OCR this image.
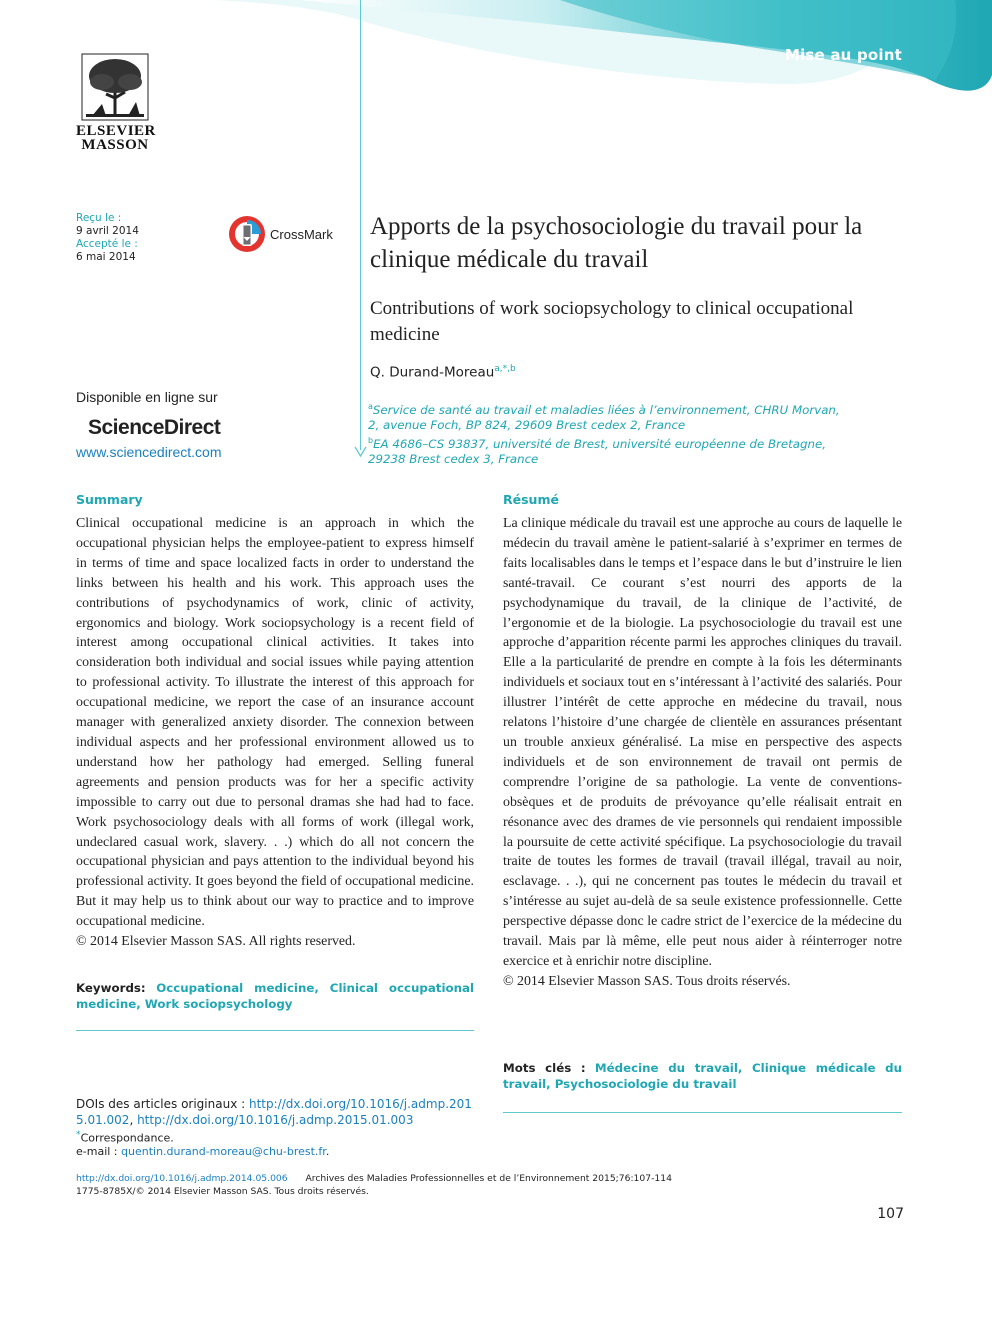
Mise au point
ELSEVIER
MASSON
Reçu le :
9 avril 2014
Accepté le :
6 mai 2014
CrossMark Apports de la psychosociologie du travail pour la clinique médicale du travail
Contributions of work sociopsychology to clinical occupational medicine
Q. Durand-Moreau$^{a,*,b}$
$^a$Service de santé au travail et maladies liées à l’environnement, CHRU Morvan, 2, avenue Foch, BP 824, 29609 Brest cedex 2, France
$^b$EA 4686–CS 93837, université de Brest, université européenne de Bretagne, 29238 Brest cedex 3, France
Disponible en ligne sur
ScienceDirect
www.sciencedirect.com
Summary

Clinical occupational medicine is an approach in which the occupational physician helps the employee-patient to express himself in terms of time and space localized facts in order to understand the links between his health and his work. This approach uses the contributions of psychodynamics of work, clinic of activity, ergonomics and biology. Work sociopsychology is a recent field of interest among occupational clinical activities. It takes into consideration both individual and social issues while paying attention to professional activity. To illustrate the interest of this approach for occupational medicine, we report the case of an insurance account manager with generalized anxiety disorder. The connexion between individual aspects and her professional environment allowed us to understand how her pathology had emerged. Selling funeral agreements and pension products was for her a specific activity impossible to carry out due to personal dramas she had had to face. Work psychosociology deals with all forms of work (illegal work, undeclared casual work, slavery. . .) which do all not concern the occupational physician and pays attention to the individual beyond his professional activity. It goes beyond the field of occupational medicine. But it may help us to think about our way to practice and to improve occupational medicine.

© 2014 Elsevier Masson SAS. All rights reserved.

Keywords: Occupational medicine, Clinical occupational medicine, Work sociopsychology
Résumé

La clinique médicale du travail est une approche au cours de laquelle le médecin du travail amène le patient-salarié à s’exprimer en termes de faits localisables dans le temps et l’espace dans le but d’instruire le lien santé-travail. Ce courant s’est nourri des apports de la psychodynamique du travail, de la clinique de l’activité, de l’ergonomie et de la biologie. La psychosociologie du travail est une approche d’apparition récente parmi les approches cliniques du travail. Elle a la particularité de prendre en compte à la fois les déterminants individuels et sociaux tout en s’intéressant à l’activité des salariés. Pour illustrer l’intérêt de cette approche en médecine du travail, nous relatons l’histoire d’une chargée de clientèle en assurances présentant un trouble anxieux généralisé. La mise en perspective des aspects individuels et de son environnement de travail ont permis de comprendre l’origine de sa pathologie. La vente de conventions-obsèques et de produits de prévoyance qu’elle réalisait entrait en résonance avec des drames de vie personnels qui rendaient impossible la poursuite de cette activité spécifique. La psychosociologie du travail traite de toutes les formes de travail (travail illégal, travail au noir, esclavage. . .), qui ne concernent pas toutes le médecin du travail et s’intéresse au sujet au-delà de sa seule existence professionnelle. Cette perspective dépasse donc le cadre strict de l’exercice de la médecine du travail. Mais par là même, elle peut nous aider à réinterroger notre exercice et à enrichir notre discipline.

© 2014 Elsevier Masson SAS. Tous droits réservés.

Mots clés : Médecine du travail, Clinique médicale du travail, Psychosociologie du travail
DOIs des articles originaux : http://dx.doi.org/10.1016/j.admp.2015.01.002, http://dx.doi.org/10.1016/j.admp.2015.01.003
*Correspondance.
e-mail : quentin.durand-moreau@chu-brest.fr.
http://dx.doi.org/10.1016/j.admp.2014.05.006 Archives des Maladies Professionnelles et de l’Environnement 2015;76:107-114
1775-8785X/© 2014 Elsevier Masson SAS. Tous droits réservés.
107
